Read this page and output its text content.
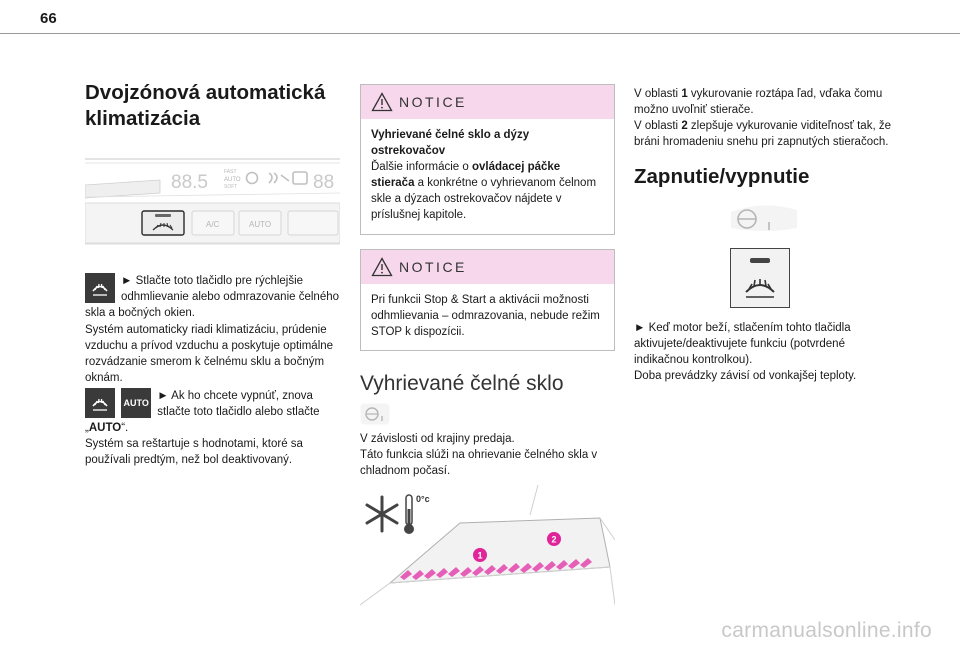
66
Dvojzónová automatická
klimatizácia
88.5	FAST
AUTO
SOFT	88
A/C	AUTO
► Stlačte toto tlačidlo pre rýchlejšie odhmlievanie alebo odmrazovanie čelného skla a bočných okien.
Systém automaticky riadi klimatizáciu, prúdenie vzduchu a prívod vzduchu a poskytuje optimálne rozvádzanie smerom k čelnému sklu a bočným oknám.
AUTO
► Ak ho chcete vypnúť, znova stlačte toto tlačidlo alebo stlačte „AUTO“.
Systém sa reštartuje s hodnotami, ktoré sa používali predtým, než bol deaktivovaný.
NOTICE
Vyhrievané čelné sklo a dýzy ostrekovačov
Ďalšie informácie o ovládacej páčke stierača a konkrétne o vyhrievanom čelnom skle a dýzach ostrekovačov nájdete v príslušnej kapitole.
NOTICE
Pri funkcii Stop & Start a aktivácii možnosti odhmlievania – odmrazovania, nebude režim STOP k dispozícii.
Vyhrievané čelné sklo
V závislosti od krajiny predaja.
Táto funkcia slúži na ohrievanie čelného skla v chladnom počasí.
0°c
1
2
V oblasti 1 vykurovanie roztápa ľad, vďaka čomu možno uvoľniť stierače.
V oblasti 2 zlepšuje vykurovanie viditeľnosť tak, že bráni hromadeniu snehu pri zapnutých stieračoch.
Zapnutie/vypnutie
► Keď motor beží, stlačením tohto tlačidla aktivujete/deaktivujete funkciu (potvrdené indikačnou kontrolkou).
Doba prevádzky závisí od vonkajšej teploty.
carmanualsonline.info
